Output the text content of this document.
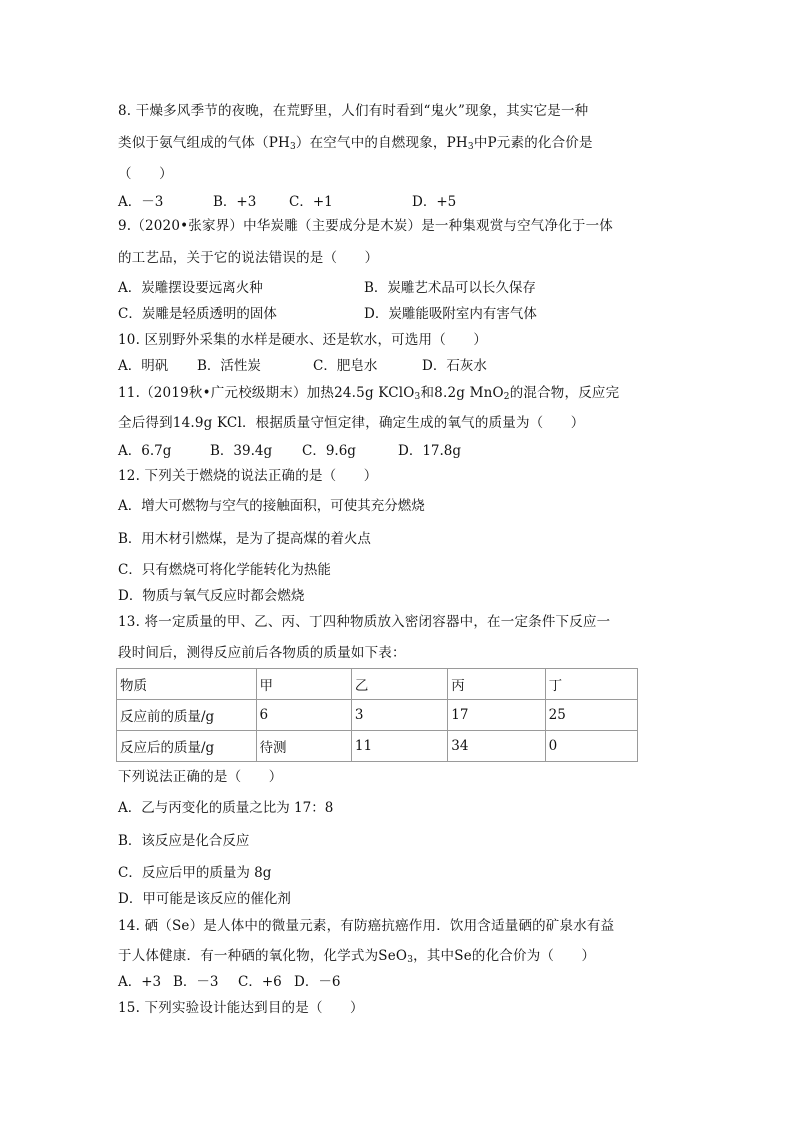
8. 干燥多风季节的夜晚，在荒野里，人们有时看到“鬼火”现象，其实它是一种
类似于氨气组成的气体$(PH_3)$在空气中的自燃现象，$PH_3$中P元素的化合价是
（　　）
A．－3	B．+3 C．+1	D．+5
9.（2020•张家界）中华炭雕（主要成分是木炭）是一种集观赏与空气净化于一体
的工艺品，关于它的说法错误的是（　　）
A．炭雕摆设要远离火种	B．炭雕艺术品可以长久保存
C．炭雕是轻质透明的固体	D．炭雕能吸附室内有害气体
10. 区别野外采集的水样是硬水、还是软水，可选用（　　）
A．明矾 B．活性炭	C．肥皂水	D．石灰水
11.（2019秋•广元校级期末）加热24.5g KClO$_3$和8.2g MnO$_2$的混合物，反应完
全后得到14.9g KCl．根据质量守恒定律，确定生成的氧气的质量为（　　）
A．6.7g	B．39.4g C．9.6g	D．17.8g
12. 下列关于燃烧的说法正确的是（　　）
A．增大可燃物与空气的接触面积，可使其充分燃烧
B．用木材引燃煤，是为了提高煤的着火点
C．只有燃烧可将化学能转化为热能
D．物质与氧气反应时都会燃烧
13. 将一定质量的甲、乙、丙、丁四种物质放入密闭容器中，在一定条件下反应一
段时间后，测得反应前后各物质的质量如下表：
物质	甲	乙	丙	丁
反应前的质量/g	6	3	17	25
反应后的质量/g	待测	11	34	0
下列说法正确的是（　　）
A．乙与丙变化的质量之比为 17：8
B．该反应是化合反应
C．反应后甲的质量为 8g
D．甲可能是该反应的催化剂
14. 硒（Se）是人体中的微量元素，有防癌抗癌作用．饮用含适量硒的矿泉水有益
于人体健康．有一种硒的氧化物，化学式为SeO$_3$，其中Se的化合价为（　　）
A．+3 B．－3 C．+6 D．－6
15. 下列实验设计能达到目的是（　　）
